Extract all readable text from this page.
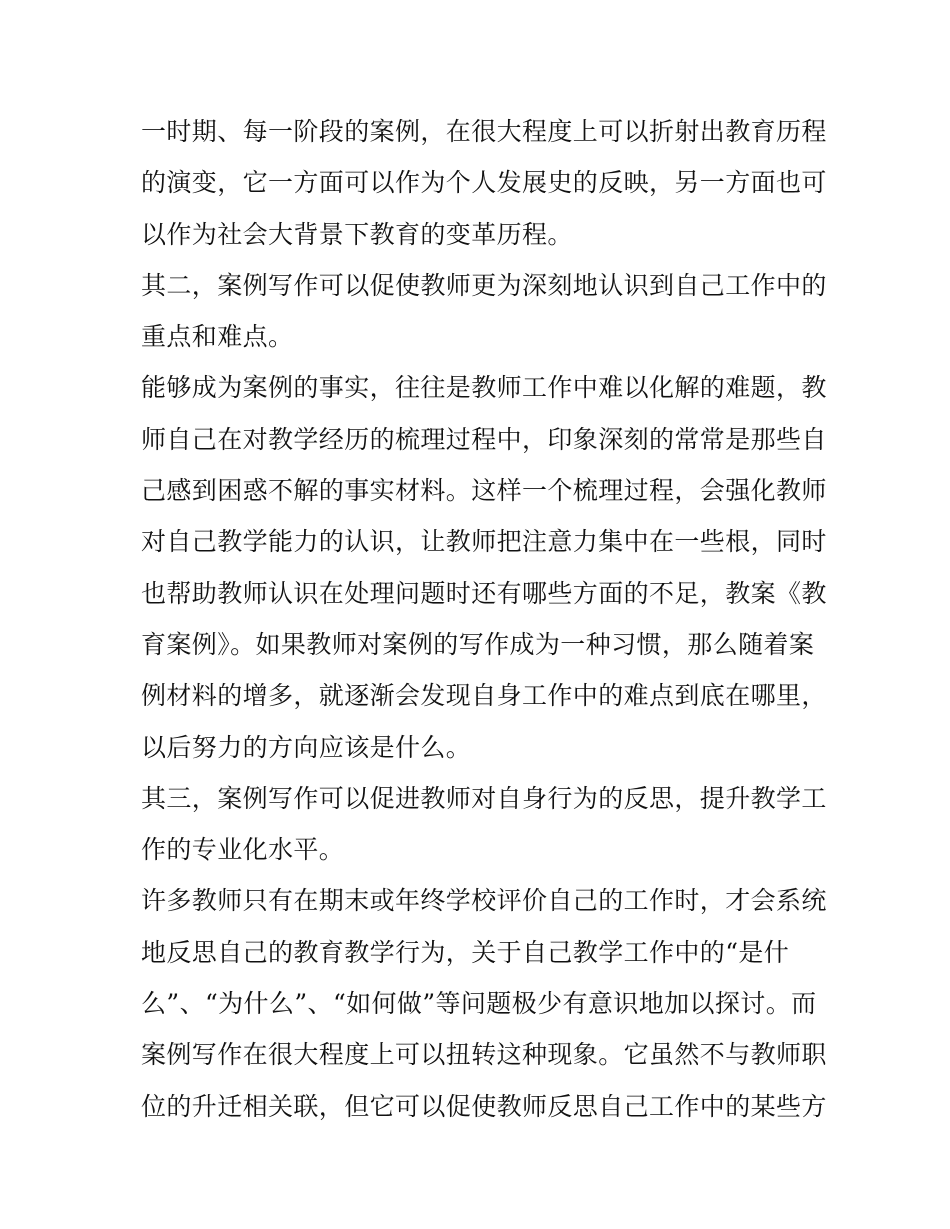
一时期、每一阶段的案例，在很大程度上可以折射出教育历程
的演变，它一方面可以作为个人发展史的反映，另一方面也可
以作为社会大背景下教育的变革历程。
其二，案例写作可以促使教师更为深刻地认识到自己工作中的
重点和难点。
能够成为案例的事实，往往是教师工作中难以化解的难题，教
师自己在对教学经历的梳理过程中，印象深刻的常常是那些自
己感到困惑不解的事实材料。这样一个梳理过程，会强化教师
对自己教学能力的认识，让教师把注意力集中在一些根，同时
也帮助教师认识在处理问题时还有哪些方面的不足，教案《教
育案例》。如果教师对案例的写作成为一种习惯，那么随着案
例材料的增多，就逐渐会发现自身工作中的难点到底在哪里，
以后努力的方向应该是什么。
其三，案例写作可以促进教师对自身行为的反思，提升教学工
作的专业化水平。
许多教师只有在期末或年终学校评价自己的工作时，才会系统
地反思自己的教育教学行为，关于自己教学工作中的“是什
么”、“为什么”、“如何做”等问题极少有意识地加以探讨。而
案例写作在很大程度上可以扭转这种现象。它虽然不与教师职
位的升迁相关联，但它可以促使教师反思自己工作中的某些方
